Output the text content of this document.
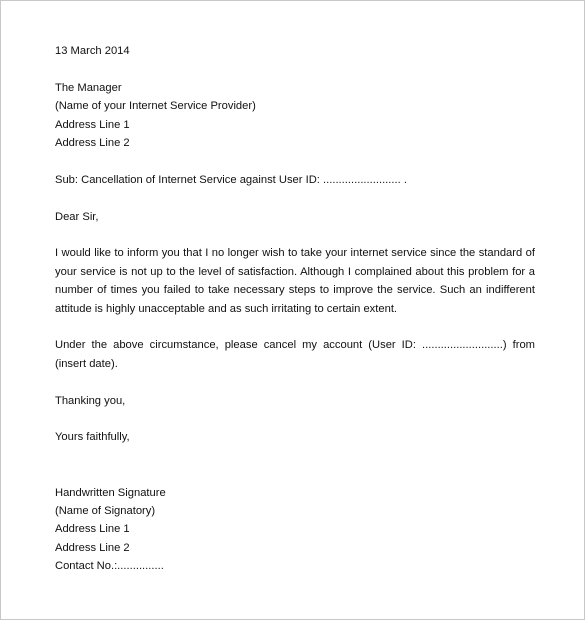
13 March 2014
The Manager
(Name of your Internet Service Provider)
Address Line 1
Address Line 2
Sub: Cancellation of Internet Service against User ID: ......................... .
Dear Sir,

I would like to inform you that I no longer wish to take your internet service since the standard of your service is not up to the level of satisfaction. Although I complained about this problem for a number of times you failed to take necessary steps to improve the service. Such an indifferent attitude is highly unacceptable and as such irritating to certain extent.

Under the above circumstance, please cancel my account (User ID: ..........................) from (insert date).

Thanking you,
Yours faithfully,
Handwritten Signature
(Name of Signatory)
Address Line 1
Address Line 2
Contact No.:...............
